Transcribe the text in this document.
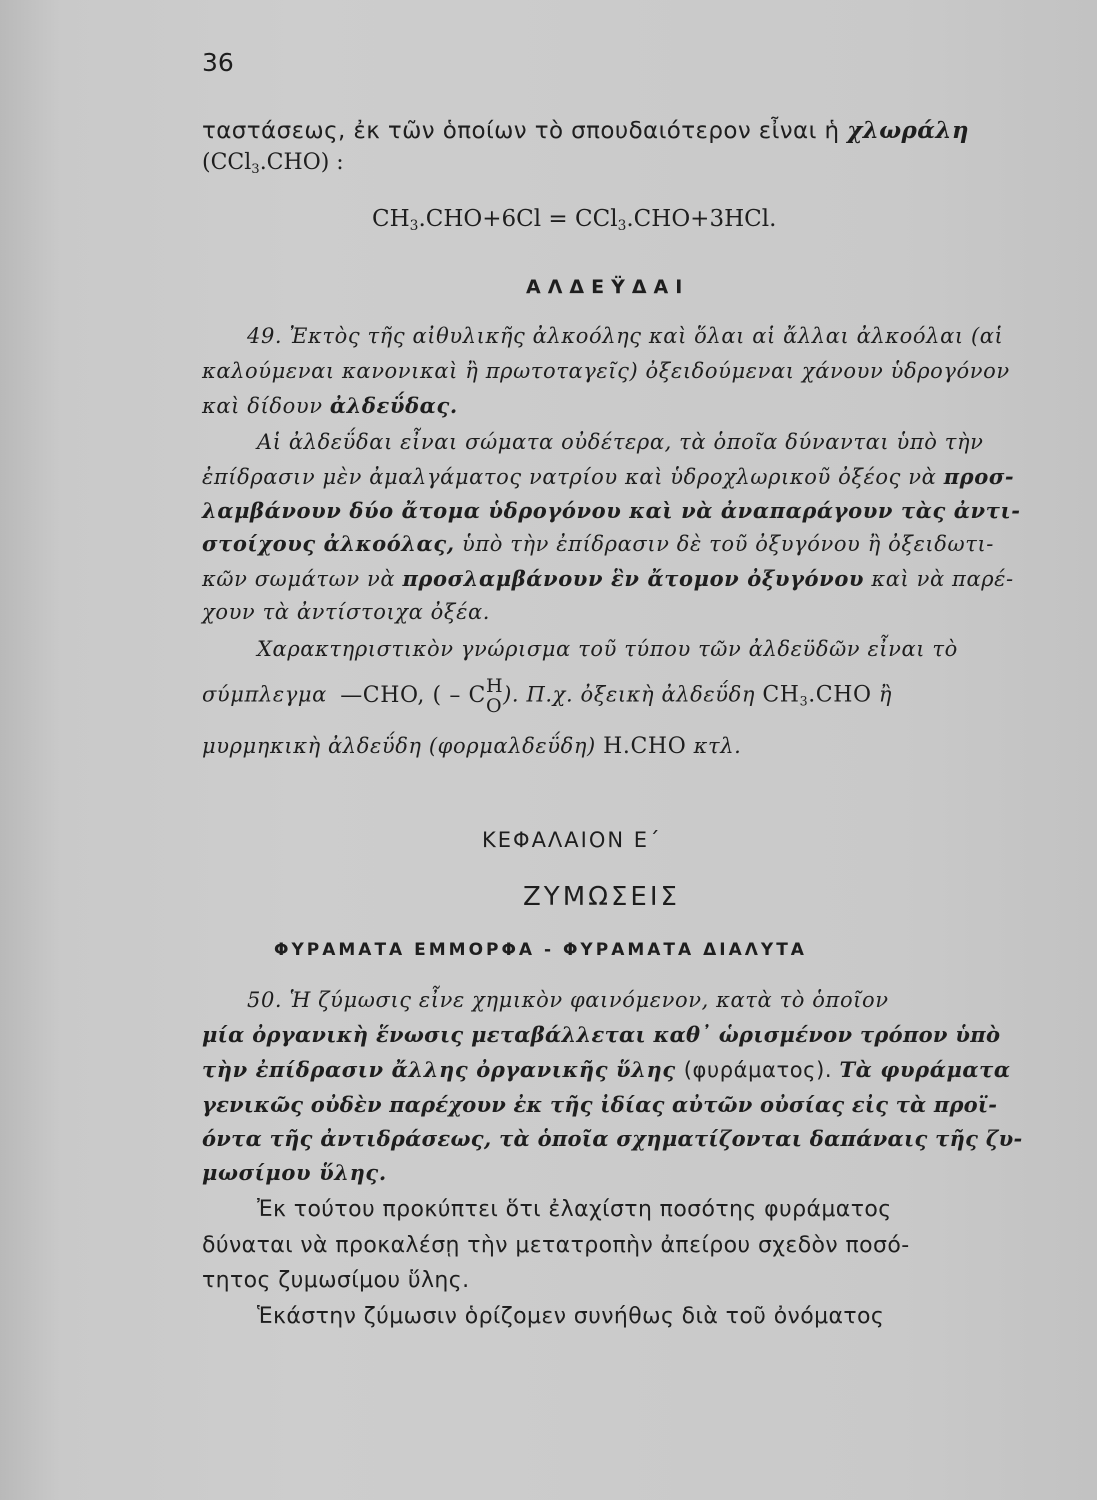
36
ταστάσεως, ἐκ τῶν ὁποίων τὸ σπουδαιότερον εἶναι ἡ χλωράλη
(CCl$_3$.CHO) :
$CH_3.CHO+6Cl = CCl_3.CHO+3HCl$.
ΑΛΔΕΫΔΑΙ
49. Ἐκτὸς τῆς αἰθυλικῆς ἀλκοόλης καὶ ὅλαι αἱ ἄλλαι ἀλκοόλαι (αἱ
καλούμεναι κανονικαὶ ἢ πρωτοταγεῖς) ὀξειδούμεναι χάνουν ὑδρογόνον
καὶ δίδουν ἀλδεΰδας.
Αἱ ἀλδεΰδαι εἶναι σώματα οὐδέτερα, τὰ ὁποῖα δύνανται ὑπὸ τὴν
ἐπίδρασιν μὲν ἀμαλγάματος νατρίου καὶ ὑδροχλωρικοῦ ὀξέος νὰ προσ-
λαμβάνουν δύο ἄτομα ὑδρογόνου καὶ νὰ ἀναπαράγουν τὰς ἀντι-
στοίχους ἀλκοόλας, ὑπὸ τὴν ἐπίδρασιν δὲ τοῦ ὀξυγόνου ἢ ὀξειδωτι-
κῶν σωμάτων νὰ προσλαμβάνουν ἓν ἄτομον ὀξυγόνου καὶ νὰ παρέ-
χουν τὰ ἀντίστοιχα ὀξέα.
Χαρακτηριστικὸν γνώρισμα τοῦ τύπου τῶν ἀλδεϋδῶν εἶναι τὸ
σύμπλεγμα —CHO, ( – C H
O ). Π.χ. ὀξεικὴ ἀλδεΰδη $CH_3.CHO$ ἢ
μυρμηκικὴ ἀλδεΰδη (φορμαλδεΰδη) H.CHO κτλ.
ΚΕΦΑΛΑΙΟΝ Ε΄
ΖΥΜΩΣΕΙΣ
ΦΥΡΑΜΑΤΑ ΕΜΜΟΡΦΑ - ΦΥΡΑΜΑΤΑ ΔΙΑΛΥΤΑ
50. Ἡ ζύμωσις εἶνε χημικὸν φαινόμενον, κατὰ τὸ ὁποῖον
μία ὀργανικὴ ἕνωσις μεταβάλλεται καθ᾽ ὡρισμένον τρόπον ὑπὸ
τὴν ἐπίδρασιν ἄλλης ὀργανικῆς ὕλης (φυράματος). Τὰ φυράματα
γενικῶς οὐδὲν παρέχουν ἐκ τῆς ἰδίας αὐτῶν οὐσίας εἰς τὰ προϊ-
όντα τῆς ἀντιδράσεως, τὰ ὁποῖα σχηματίζονται δαπάναις τῆς ζυ-
μωσίμου ὕλης.
Ἐκ τούτου προκύπτει ὅτι ἐλαχίστη ποσότης φυράματος
δύναται νὰ προκαλέσῃ τὴν μετατροπὴν ἀπείρου σχεδὸν ποσό-
τητος ζυμωσίμου ὕλης.
Ἑκάστην ζύμωσιν ὁρίζομεν συνήθως διὰ τοῦ ὀνόματος
